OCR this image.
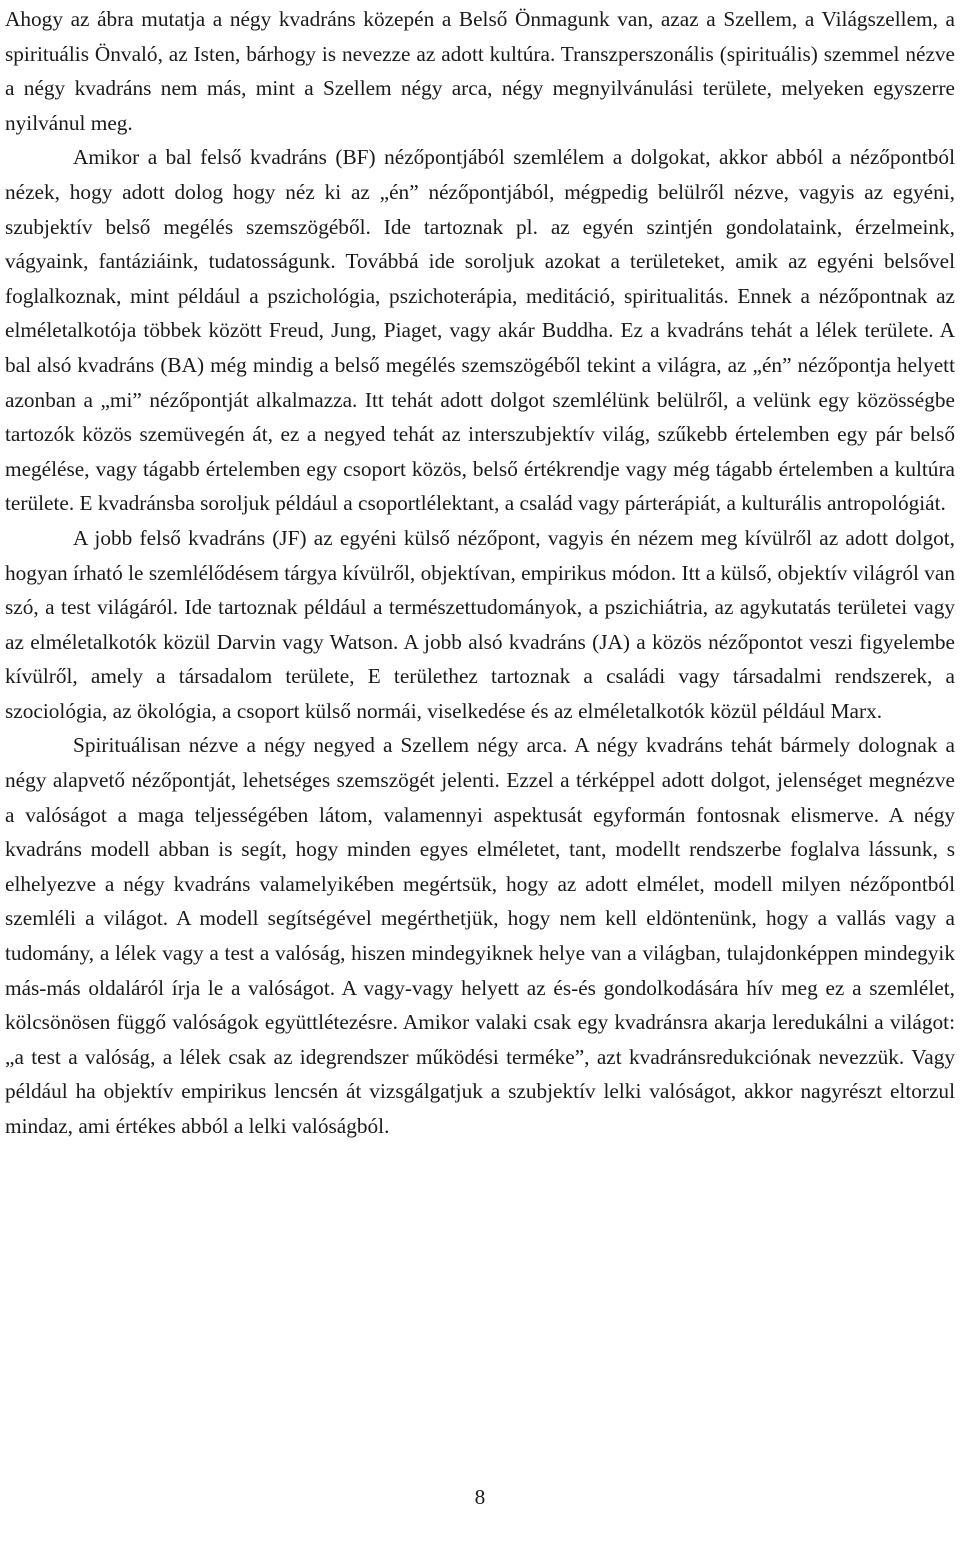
Ahogy az ábra mutatja a négy kvadráns közepén a Belső Önmagunk van, azaz a Szellem, a Világszellem, a spirituális Önvaló, az Isten, bárhogy is nevezze az adott kultúra. Transzperszonális (spirituális) szemmel nézve a négy kvadráns nem más, mint a Szellem négy arca, négy megnyilvánulási területe, melyeken egyszerre nyilvánul meg.

Amikor a bal felső kvadráns (BF) nézőpontjából szemlélem a dolgokat, akkor abból a nézőpontból nézek, hogy adott dolog hogy néz ki az „én” nézőpontjából, mégpedig belülről nézve, vagyis az egyéni, szubjektív belső megélés szemszögéből. Ide tartoznak pl. az egyén szintjén gondolataink, érzelmeink, vágyaink, fantáziáink, tudatosságunk. Továbbá ide soroljuk azokat a területeket, amik az egyéni belsővel foglalkoznak, mint például a pszichológia, pszichoterápia, meditáció, spiritualitás. Ennek a nézőpontnak az elméletalkotója többek között Freud, Jung, Piaget, vagy akár Buddha. Ez a kvadráns tehát a lélek területe. A bal alsó kvadráns (BA) még mindig a belső megélés szemszögéből tekint a világra, az „én” nézőpontja helyett azonban a „mi” nézőpontját alkalmazza. Itt tehát adott dolgot szemlélünk belülről, a velünk egy közösségbe tartozók közös szemüvegén át, ez a negyed tehát az interszubjektív világ, szűkebb értelemben egy pár belső megélése, vagy tágabb értelemben egy csoport közös, belső értékrendje vagy még tágabb értelemben a kultúra területe. E kvadránsba soroljuk például a csoportlélektant, a család vagy párterápiát, a kulturális antropológiát.

A jobb felső kvadráns (JF) az egyéni külső nézőpont, vagyis én nézem meg kívülről az adott dolgot, hogyan írható le szemlélődésem tárgya kívülről, objektívan, empirikus módon. Itt a külső, objektív világról van szó, a test világáról. Ide tartoznak például a természettudományok, a pszichiátria, az agykutatás területei vagy az elméletalkotók közül Darvin vagy Watson. A jobb alsó kvadráns (JA) a közös nézőpontot veszi figyelembe kívülről, amely a társadalom területe, E területhez tartoznak a családi vagy társadalmi rendszerek, a szociológia, az ökológia, a csoport külső normái, viselkedése és az elméletalkotók közül például Marx.

Spirituálisan nézve a négy negyed a Szellem négy arca. A négy kvadráns tehát bármely dolognak a négy alapvető nézőpontját, lehetséges szemszögét jelenti. Ezzel a térképpel adott dolgot, jelenséget megnézve a valóságot a maga teljességében látom, valamennyi aspektusát egyformán fontosnak elismerve. A négy kvadráns modell abban is segít, hogy minden egyes elméletet, tant, modellt rendszerbe foglalva lássunk, s elhelyezve a négy kvadráns valamelyikében megértsük, hogy az adott elmélet, modell milyen nézőpontból szemléli a világot. A modell segítségével megérthetjük, hogy nem kell eldöntenünk, hogy a vallás vagy a tudomány, a lélek vagy a test a valóság, hiszen mindegyiknek helye van a világban, tulajdonképpen mindegyik más-más oldaláról írja le a valóságot. A vagy-vagy helyett az és-és gondolkodására hív meg ez a szemlélet, kölcsönösen függő valóságok együttlétezésre. Amikor valaki csak egy kvadránsra akarja leredukálni a világot: „a test a valóság, a lélek csak az idegrendszer működési terméke”, azt kvadránsredukciónak nevezzük. Vagy például ha objektív empirikus lencsén át vizsgálgatjuk a szubjektív lelki valóságot, akkor nagyrészt eltorzul mindaz, ami értékes abból a lelki valóságból.

8
